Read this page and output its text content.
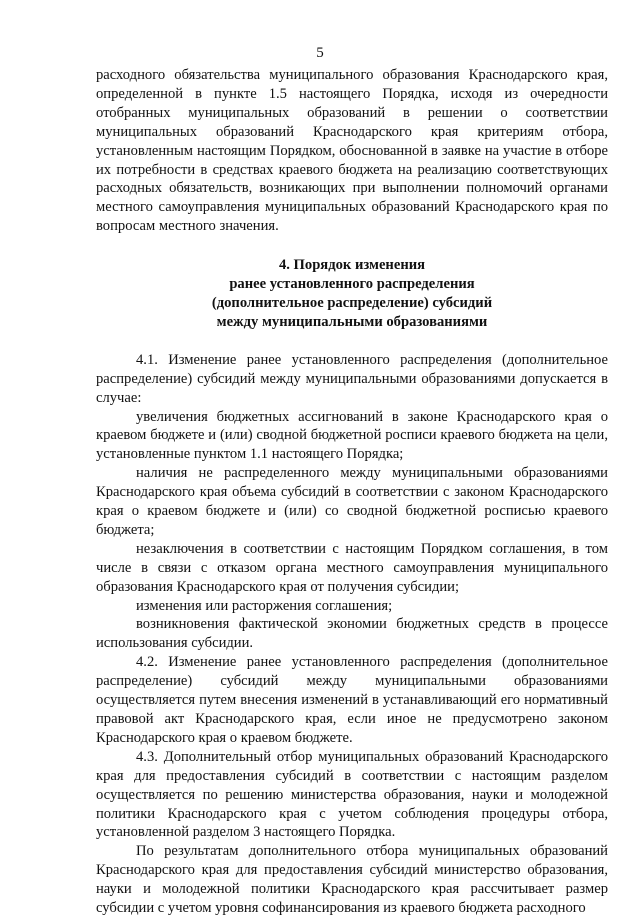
5

расходного обязательства муниципального образования Краснодарского края, определенной в пункте 1.5 настоящего Порядка, исходя из очередности отобранных муниципальных образований в решении о соответствии муниципальных образований Краснодарского края критериям отбора, установленным настоящим Порядком, обоснованной в заявке на участие в отборе их потребности в средствах краевого бюджета на реализацию соответствующих расходных обязательств, возникающих при выполнении полномочий органами местного самоуправления муниципальных образований Краснодарского края по вопросам местного значения.

4. Порядок изменения
ранее установленного распределения
(дополнительное распределение) субсидий
между муниципальными образованиями

4.1. Изменение ранее установленного распределения (дополнительное распределение) субсидий между муниципальными образованиями допускается в случае:

увеличения бюджетных ассигнований в законе Краснодарского края о краевом бюджете и (или) сводной бюджетной росписи краевого бюджета на цели, установленные пунктом 1.1 настоящего Порядка;

наличия не распределенного между муниципальными образованиями Краснодарского края объема субсидий в соответствии с законом Краснодарского края о краевом бюджете и (или) со сводной бюджетной росписью краевого бюджета;

незаключения в соответствии с настоящим Порядком соглашения, в том числе в связи с отказом органа местного самоуправления муниципального образования Краснодарского края от получения субсидии;

изменения или расторжения соглашения;

возникновения фактической экономии бюджетных средств в процессе использования субсидии.

4.2. Изменение ранее установленного распределения (дополнительное распределение) субсидий между муниципальными образованиями осуществляется путем внесения изменений в устанавливающий его нормативный правовой акт Краснодарского края, если иное не предусмотрено законом Краснодарского края о краевом бюджете.

4.3. Дополнительный отбор муниципальных образований Краснодарского края для предоставления субсидий в соответствии с настоящим разделом осуществляется по решению министерства образования, науки и молодежной политики Краснодарского края с учетом соблюдения процедуры отбора, установленной разделом 3 настоящего Порядка.

По результатам дополнительного отбора муниципальных образований Краснодарского края для предоставления субсидий министерство образования, науки и молодежной политики Краснодарского края рассчитывает размер субсидии с учетом уровня софинансирования из краевого бюджета расходного
